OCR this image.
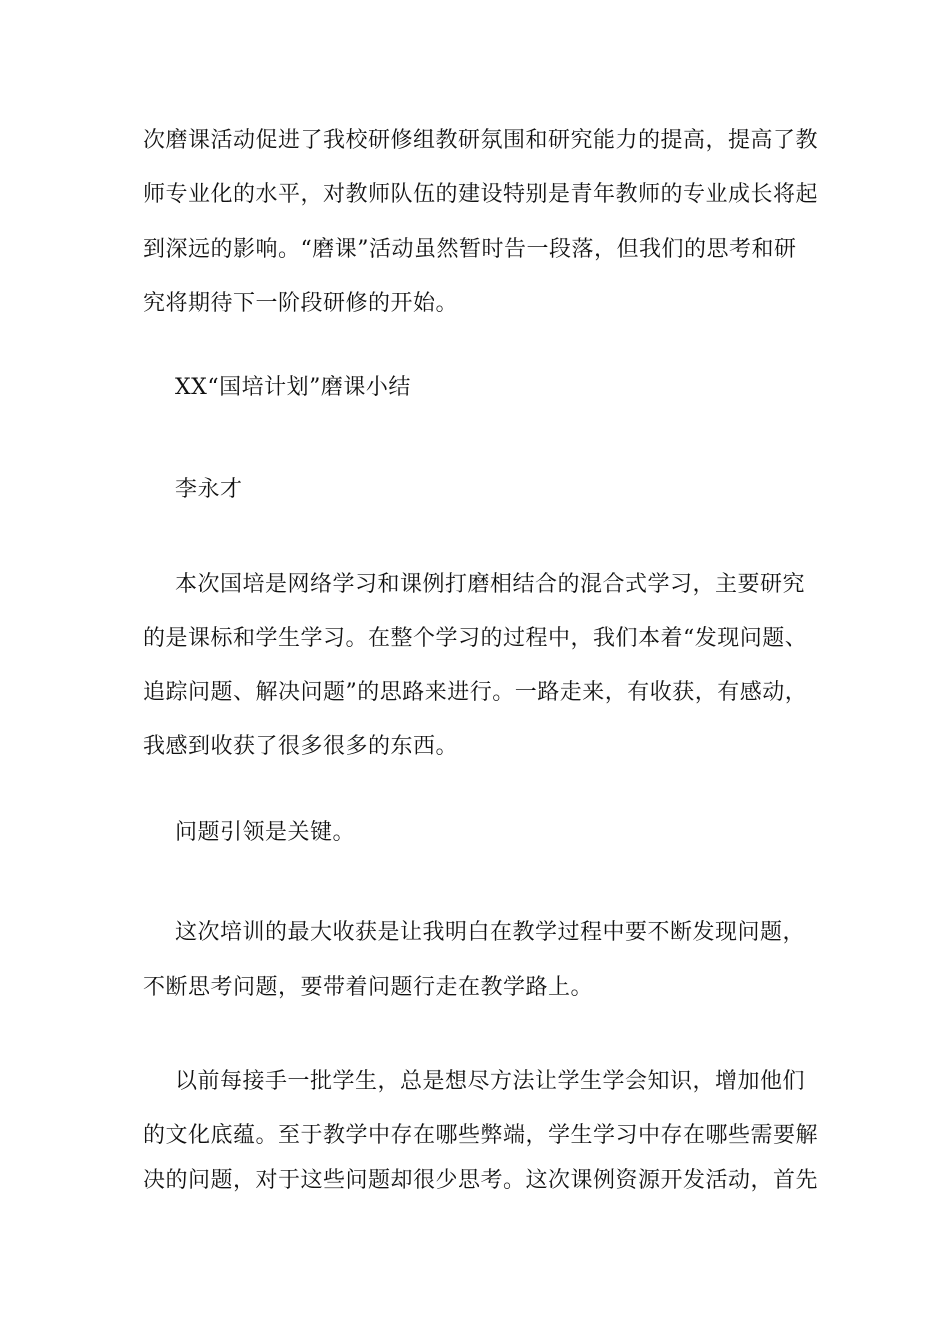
次磨课活动促进了我校研修组教研氛围和研究能力的提高，提高了教
师专业化的水平，对教师队伍的建设特别是青年教师的专业成长将起
到深远的影响。“磨课”活动虽然暂时告一段落，但我们的思考和研
究将期待下一阶段研修的开始。
XX“国培计划”磨课小结
李永才
本次国培是网络学习和课例打磨相结合的混合式学习，主要研究
的是课标和学生学习。在整个学习的过程中，我们本着“发现问题、
追踪问题、解决问题”的思路来进行。一路走来，有收获，有感动，
我感到收获了很多很多的东西。
问题引领是关键。
这次培训的最大收获是让我明白在教学过程中要不断发现问题，
不断思考问题，要带着问题行走在教学路上。
以前每接手一批学生，总是想尽方法让学生学会知识，增加他们
的文化底蕴。至于教学中存在哪些弊端，学生学习中存在哪些需要解
决的问题，对于这些问题却很少思考。这次课例资源开发活动，首先
